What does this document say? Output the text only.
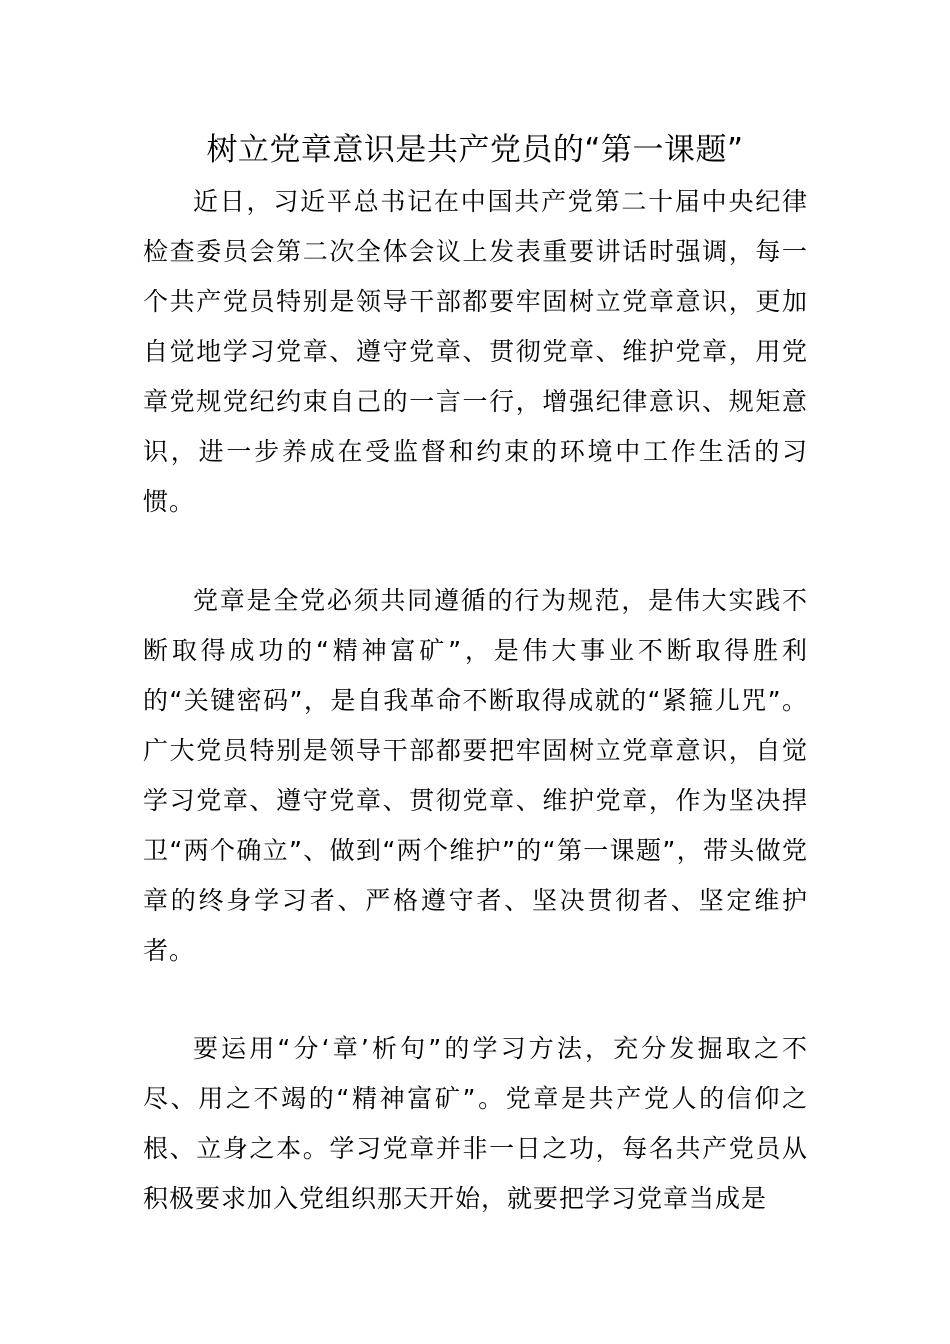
树立党章意识是共产党员的“第一课题”

近日，习近平总书记在中国共产党第二十届中央纪律检查委员会第二次全体会议上发表重要讲话时强调，每一个共产党员特别是领导干部都要牢固树立党章意识，更加自觉地学习党章、遵守党章、贯彻党章、维护党章，用党章党规党纪约束自己的一言一行，增强纪律意识、规矩意识，进一步养成在受监督和约束的环境中工作生活的习惯。

党章是全党必须共同遵循的行为规范，是伟大实践不断取得成功的“精神富矿”，是伟大事业不断取得胜利的“关键密码”，是自我革命不断取得成就的“紧箍儿咒”。广大党员特别是领导干部都要把牢固树立党章意识，自觉学习党章、遵守党章、贯彻党章、维护党章，作为坚决捍卫“两个确立”、做到“两个维护”的“第一课题”，带头做党章的终身学习者、严格遵守者、坚决贯彻者、坚定维护者。

要运用“分‘章’析句”的学习方法，充分发掘取之不尽、用之不竭的“精神富矿”。党章是共产党人的信仰之根、立身之本。学习党章并非一日之功，每名共产党员从积极要求加入党组织那天开始，就要把学习党章当成是
